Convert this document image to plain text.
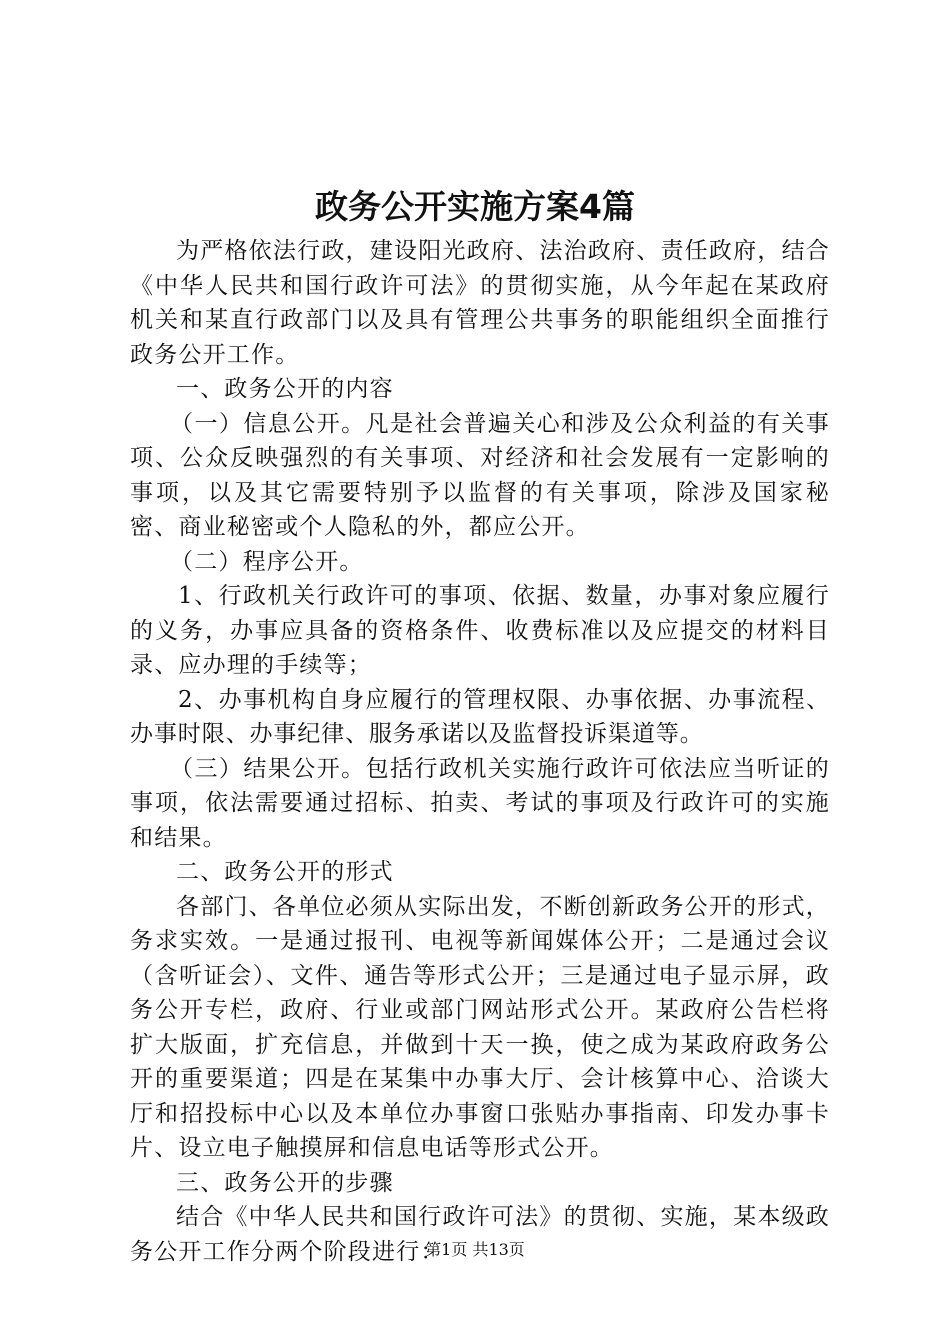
政务公开实施方案4篇

为严格依法行政，建设阳光政府、法治政府、责任政府，结合《中华人民共和国行政许可法》的贯彻实施，从今年起在某政府机关和某直行政部门以及具有管理公共事务的职能组织全面推行政务公开工作。

一、政务公开的内容

（一）信息公开。凡是社会普遍关心和涉及公众利益的有关事项、公众反映强烈的有关事项、对经济和社会发展有一定影响的事项，以及其它需要特别予以监督的有关事项，除涉及国家秘密、商业秘密或个人隐私的外，都应公开。

（二）程序公开。

1、行政机关行政许可的事项、依据、数量，办事对象应履行的义务，办事应具备的资格条件、收费标准以及应提交的材料目录、应办理的手续等；

2、办事机构自身应履行的管理权限、办事依据、办事流程、办事时限、办事纪律、服务承诺以及监督投诉渠道等。

（三）结果公开。包括行政机关实施行政许可依法应当听证的事项，依法需要通过招标、拍卖、考试的事项及行政许可的实施和结果。

二、政务公开的形式

各部门、各单位必须从实际出发，不断创新政务公开的形式，务求实效。一是通过报刊、电视等新闻媒体公开；二是通过会议（含听证会）、文件、通告等形式公开；三是通过电子显示屏，政务公开专栏，政府、行业或部门网站形式公开。某政府公告栏将扩大版面，扩充信息，并做到十天一换，使之成为某政府政务公开的重要渠道；四是在某集中办事大厅、会计核算中心、洽谈大厅和招投标中心以及本单位办事窗口张贴办事指南、印发办事卡片、设立电子触摸屏和信息电话等形式公开。

三、政务公开的步骤

结合《中华人民共和国行政许可法》的贯彻、实施，某本级政务公开工作分两个阶段进行：

第1页 共13页
